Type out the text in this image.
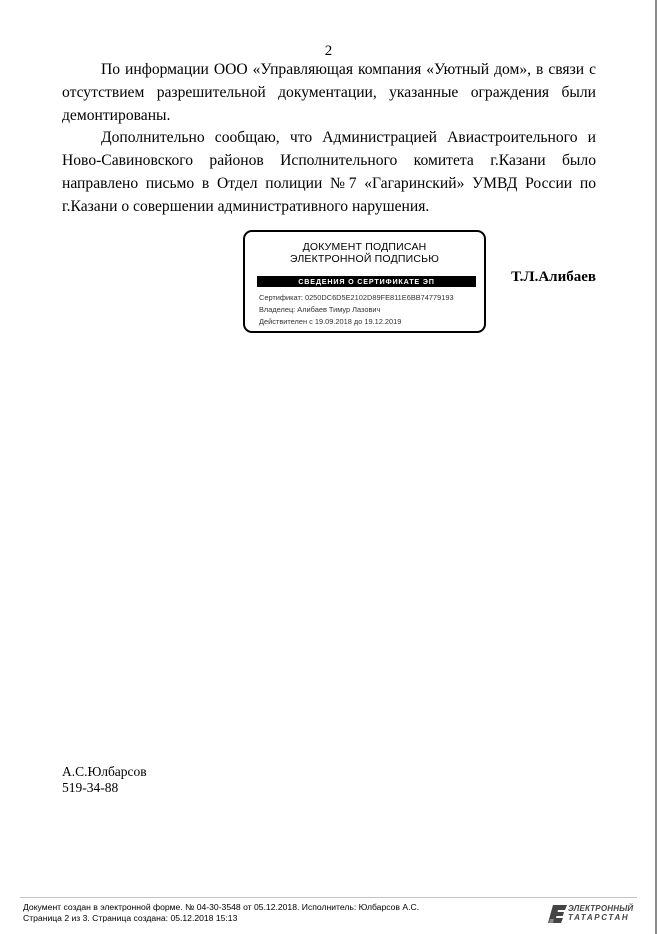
2

По информации ООО «Управляющая компания «Уютный дом», в связи с
отсутствием разрешительной документации, указанные ограждения были
демонтированы.

Дополнительно сообщаю, что Администрацией Авиастроительного и
Ново-Савиновского районов Исполнительного комитета г.Казани было
направлено письмо в Отдел полиции №7 «Гагаринский» УМВД России по
г.Казани о совершении административного нарушения.

ДОКУМЕНТ ПОДПИСАН
ЭЛЕКТРОННОЙ ПОДПИСЬЮ
СВЕДЕНИЯ О СЕРТИФИКАТЕ ЭП
Сертификат: 0250DC6D5E2102D89FE811E6BB74779193
Владелец: Алибаев Тимур Лазович
Действителен с 19.09.2018 до 19.12.2019
Т.Л.Алибаев
А.С.Юлбарсов
519-34-88
Документ создан в электронной форме. № 04-30-3548 от 05.12.2018. Исполнитель: Юлбарсов А.С.
Страница 2 из 3. Страница создана: 05.12.2018 15:13
ЭЛЕКТРОННЫЙ
ТАТАРСТАН
